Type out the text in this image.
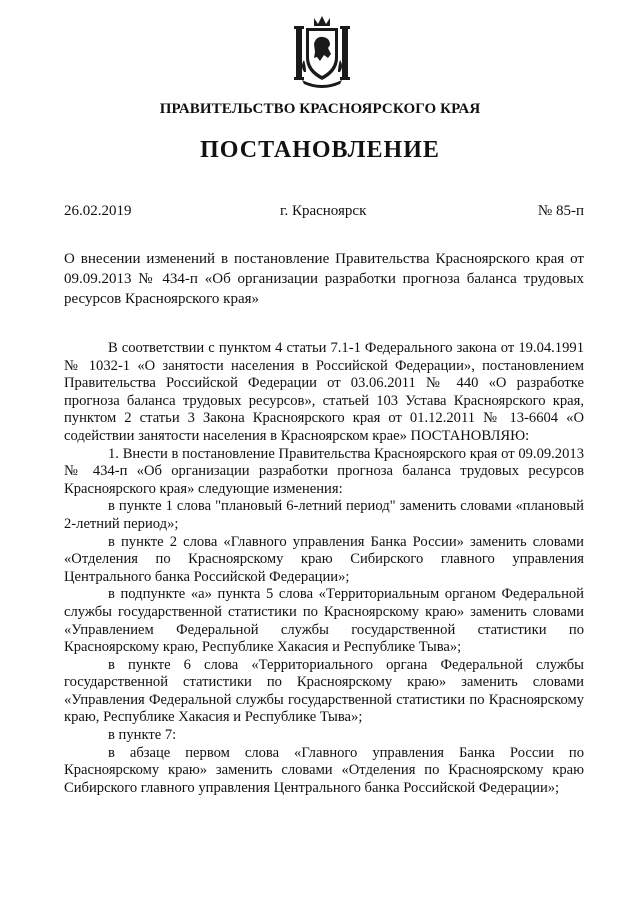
ПРАВИТЕЛЬСТВО КРАСНОЯРСКОГО КРАЯ
ПОСТАНОВЛЕНИЕ
26.02.2019	г. Красноярск	№ 85-п
О внесении изменений в постановление Правительства Красноярского края от 09.09.2013 № 434-п «Об организации разработки прогноза баланса трудовых ресурсов Красноярского края»

В соответствии с пунктом 4 статьи 7.1-1 Федерального закона от 19.04.1991 № 1032-1 «О занятости населения в Российской Федерации», постановлением Правительства Российской Федерации от 03.06.2011 № 440 «О разработке прогноза баланса трудовых ресурсов», статьей 103 Устава Красноярского края, пунктом 2 статьи 3 Закона Красноярского края от 01.12.2011 № 13-6604 «О содействии занятости населения в Красноярском крае» ПОСТАНОВЛЯЮ:

1. Внести в постановление Правительства Красноярского края от 09.09.2013 № 434-п «Об организации разработки прогноза баланса трудовых ресурсов Красноярского края» следующие изменения:

в пункте 1 слова "плановый 6-летний период" заменить словами «плановый 2-летний период»;

в пункте 2 слова «Главного управления Банка России» заменить словами «Отделения по Красноярскому краю Сибирского главного управления Центрального банка Российской Федерации»;

в подпункте «а» пункта 5 слова «Территориальным органом Федеральной службы государственной статистики по Красноярскому краю» заменить словами «Управлением Федеральной службы государственной статистики по Красноярскому краю, Республике Хакасия и Республике Тыва»;

в пункте 6 слова «Территориального органа Федеральной службы государственной статистики по Красноярскому краю» заменить словами «Управления Федеральной службы государственной статистики по Красноярскому краю, Республике Хакасия и Республике Тыва»;

в пункте 7:

в абзаце первом слова «Главного управления Банка России по Красноярскому краю» заменить словами «Отделения по Красноярскому краю Сибирского главного управления Центрального банка Российской Федерации»;
